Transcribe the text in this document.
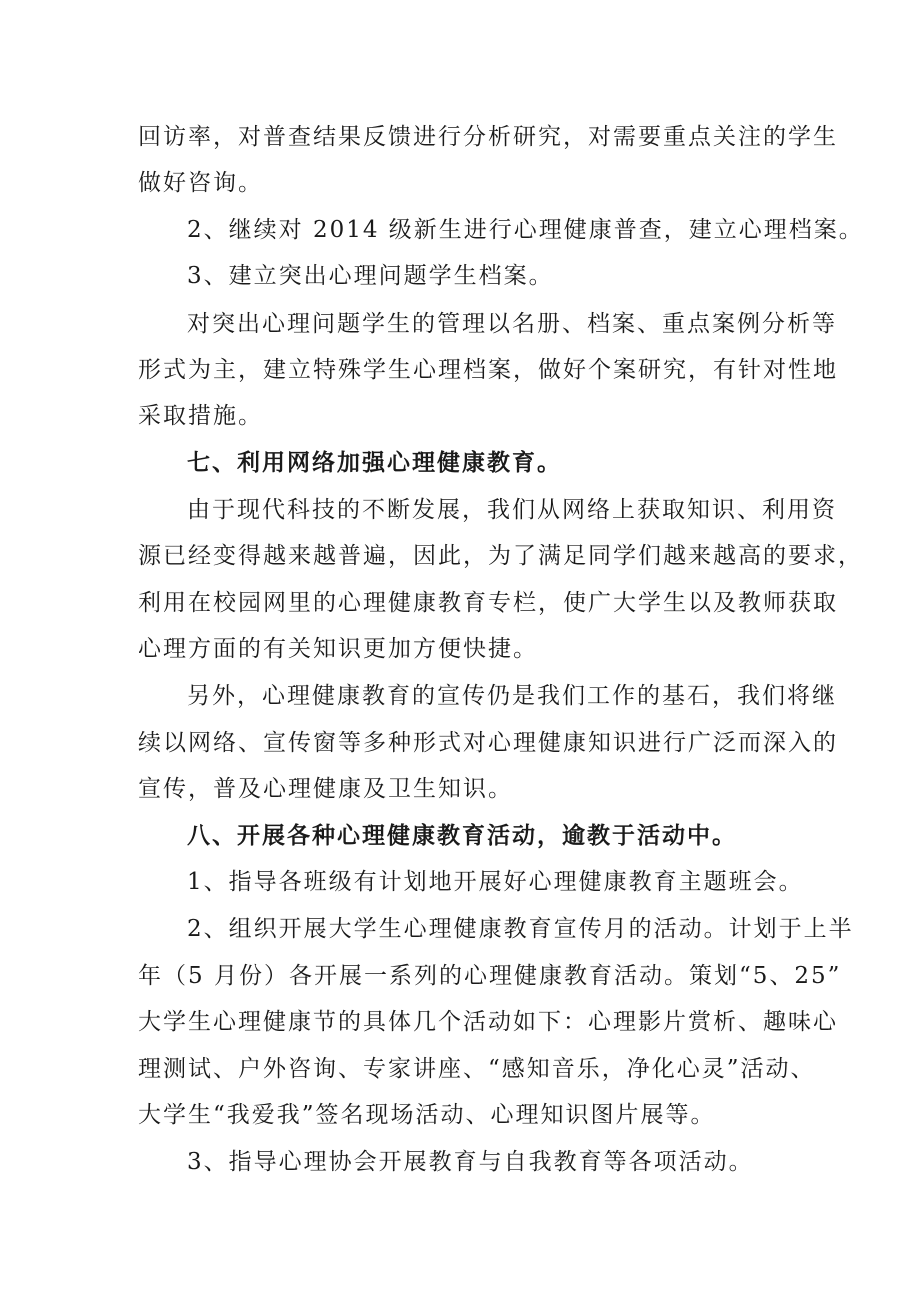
回访率，对普查结果反馈进行分析研究，对需要重点关注的学生
做好咨询。
2、继续对 2014 级新生进行心理健康普查，建立心理档案。
3、建立突出心理问题学生档案。
对突出心理问题学生的管理以名册、档案、重点案例分析等
形式为主，建立特殊学生心理档案，做好个案研究，有针对性地
采取措施。
七、利用网络加强心理健康教育。
由于现代科技的不断发展，我们从网络上获取知识、利用资
源已经变得越来越普遍，因此，为了满足同学们越来越高的要求，
利用在校园网里的心理健康教育专栏，使广大学生以及教师获取
心理方面的有关知识更加方便快捷。
另外，心理健康教育的宣传仍是我们工作的基石，我们将继
续以网络、宣传窗等多种形式对心理健康知识进行广泛而深入的
宣传，普及心理健康及卫生知识。
八、开展各种心理健康教育活动，逾教于活动中。
1、指导各班级有计划地开展好心理健康教育主题班会。
2、组织开展大学生心理健康教育宣传月的活动。计划于上半
年（5 月份）各开展一系列的心理健康教育活动。策划“5、25”
大学生心理健康节的具体几个活动如下：心理影片赏析、趣味心
理测试、户外咨询、专家讲座、“感知音乐，净化心灵”活动、
大学生“我爱我”签名现场活动、心理知识图片展等。
3、指导心理协会开展教育与自我教育等各项活动。
